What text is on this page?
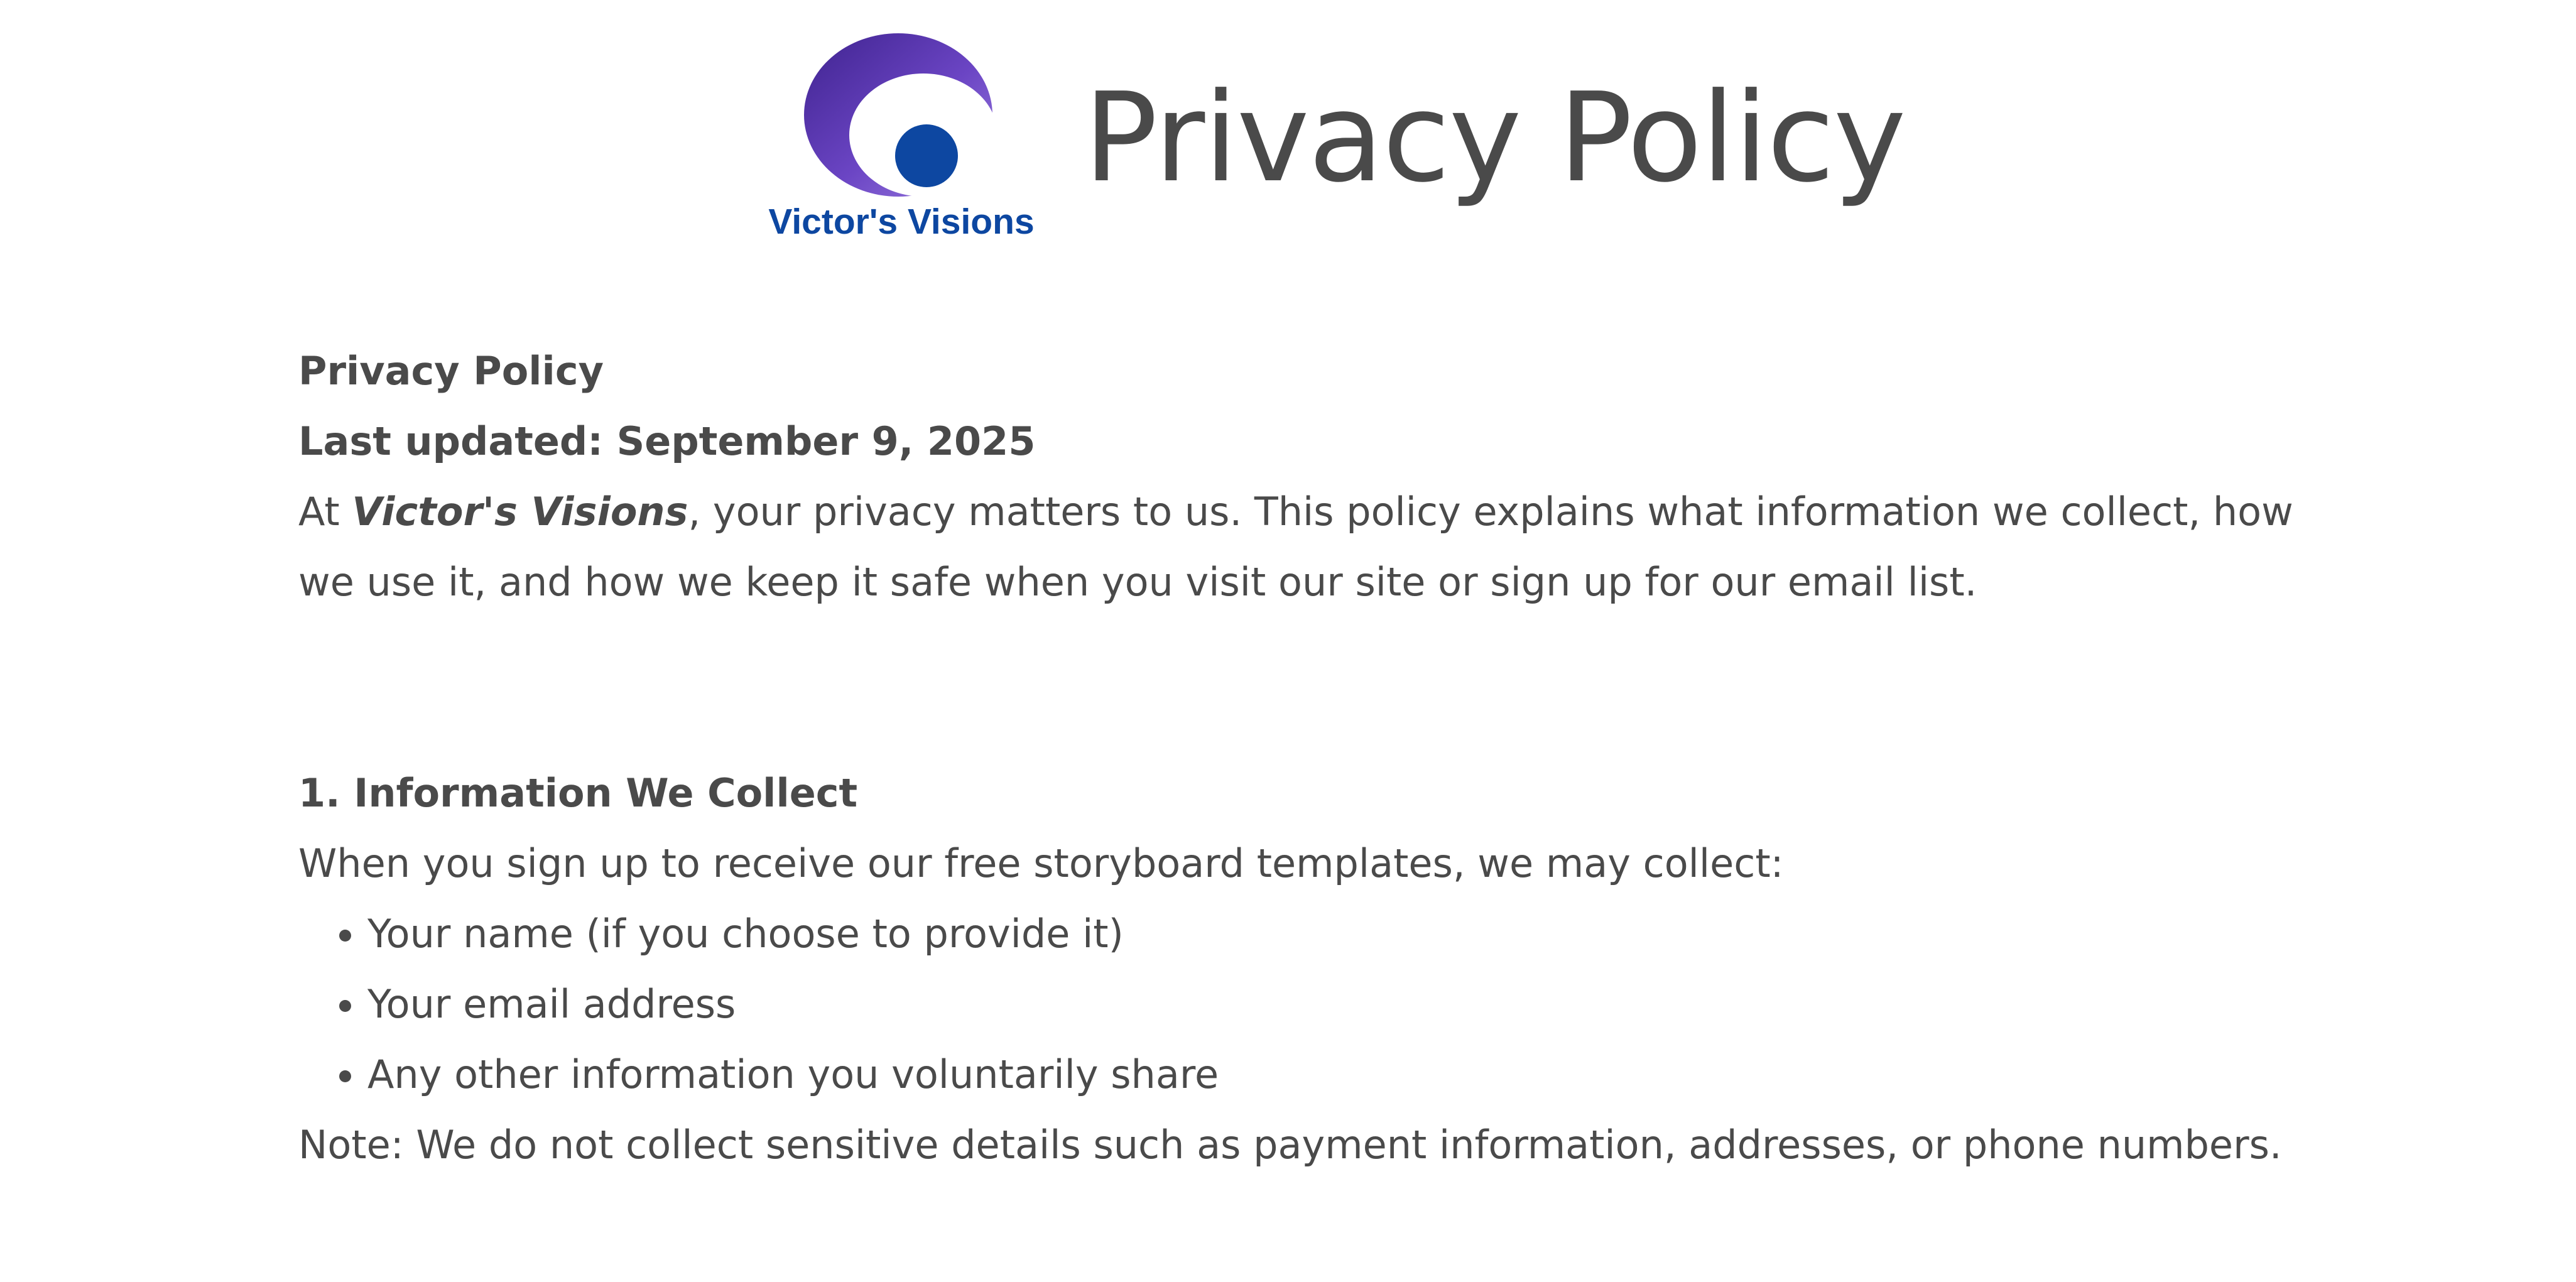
Victor's Visions
Privacy Policy

Privacy Policy

Last updated: September 9, 2025

At Victor's Visions, your privacy matters to us. This policy explains what information we collect, how we use it, and how we keep it safe when you visit our site or sign up for our email list.

1. Information We Collect

When you sign up to receive our free storyboard templates, we may collect:

• Your name (if you choose to provide it)
• Your email address
• Any other information you voluntarily share

Note: We do not collect sensitive details such as payment information, addresses, or phone numbers.
